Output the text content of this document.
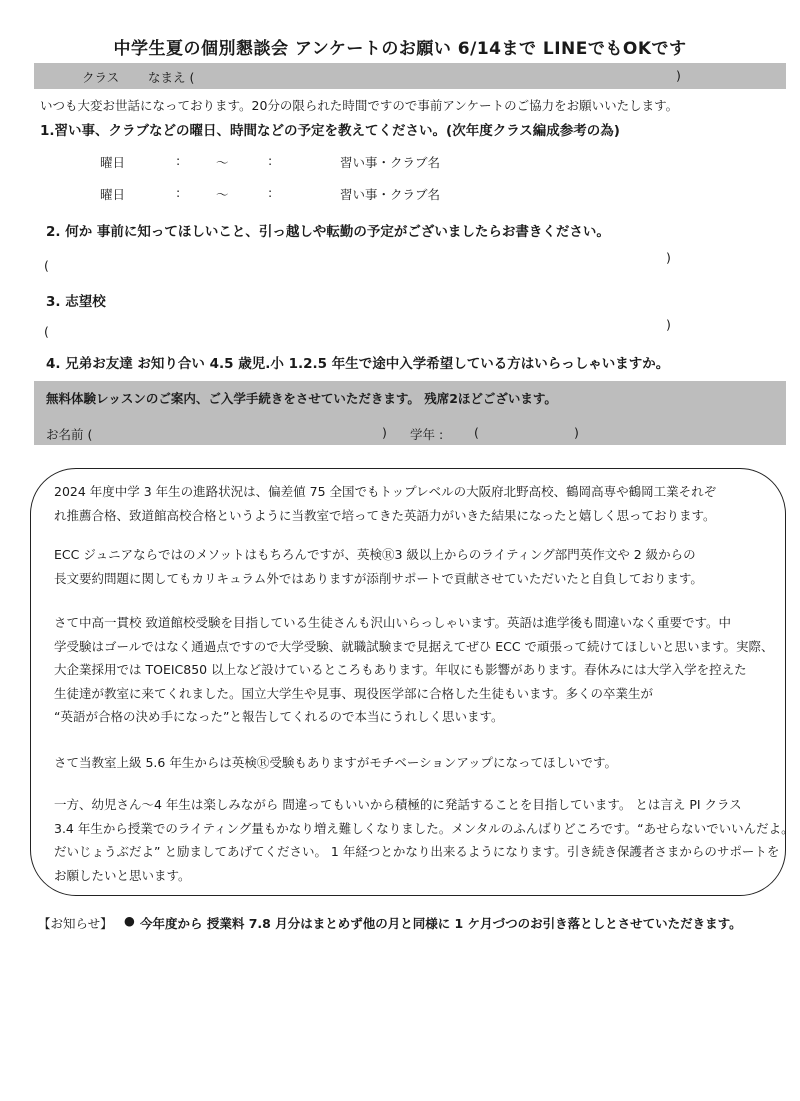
中学生夏の個別懇談会 アンケートのお願い 6/14まで LINEでもOKです
クラス なまえ (	)
いつも大変お世話になっております。20分の限られた時間ですので事前アンケートのご協力をお願いいたします。
1.習い事、クラブなどの曜日、時間などの予定を教えてください。(次年度クラス編成参考の為)
曜日	:	〜	:	習い事・クラブ名
曜日	:	〜	:	習い事・クラブ名
2. 何か 事前に知ってほしいこと、引っ越しや転勤の予定がございましたらお書きください。
(
)
3. 志望校
(	)
4. 兄弟お友達 お知り合い 4.5 歳児.小 1.2.5 年生で途中入学希望している方はいらっしゃいますか。
無料体験レッスンのご案内、ご入学手続きをさせていただきます。 残席2ほどございます。
お名前 (	) 学年 : (	)
2024 年度中学 3 年生の進路状況は、偏差値 75 全国でもトップレベルの大阪府北野高校、鶴岡高専や鶴岡工業それぞ
れ推薦合格、致道館高校合格というように当教室で培ってきた英語力がいきた結果になったと嬉しく思っております。
ECC ジュニアならではのメソットはもちろんですが、英検Ⓡ3 級以上からのライティング部門英作文や 2 級からの
長文要約問題に関してもカリキュラム外ではありますが添削サポートで貢献させていただいたと自負しております。
さて中高一貫校 致道館校受験を目指している生徒さんも沢山いらっしゃいます。英語は進学後も間違いなく重要です。中
学受験はゴールではなく通過点ですので大学受験、就職試験まで見据えてぜひ ECC で頑張って続けてほしいと思います。実際、
大企業採用では TOEIC850 以上など設けているところもあります。年収にも影響があります。春休みには大学入学を控えた
生徒達が教室に来てくれました。国立大学生や見事、現役医学部に合格した生徒もいます。多くの卒業生が
“英語が合格の決め手になった”と報告してくれるので本当にうれしく思います。
さて当教室上級 5.6 年生からは英検Ⓡ受験もありますがモチベーションアップになってほしいです。
一方、幼児さん〜4 年生は楽しみながら 間違ってもいいから積極的に発話することを目指しています。 とは言え PI クラス
3.4 年生から授業でのライティング量もかなり増え難しくなりました。メンタルのふんばりどころです。“あせらないでいいんだよ。
だいじょうぶだよ” と励ましてあげてください。 1 年経つとかなり出来るようになります。引き続き保護者さまからのサポートを
お願したいと思います。
【お知らせ】 ● 今年度から 授業料 7.8 月分はまとめず他の月と同様に 1 ケ月づつのお引き落としとさせていただきます。
